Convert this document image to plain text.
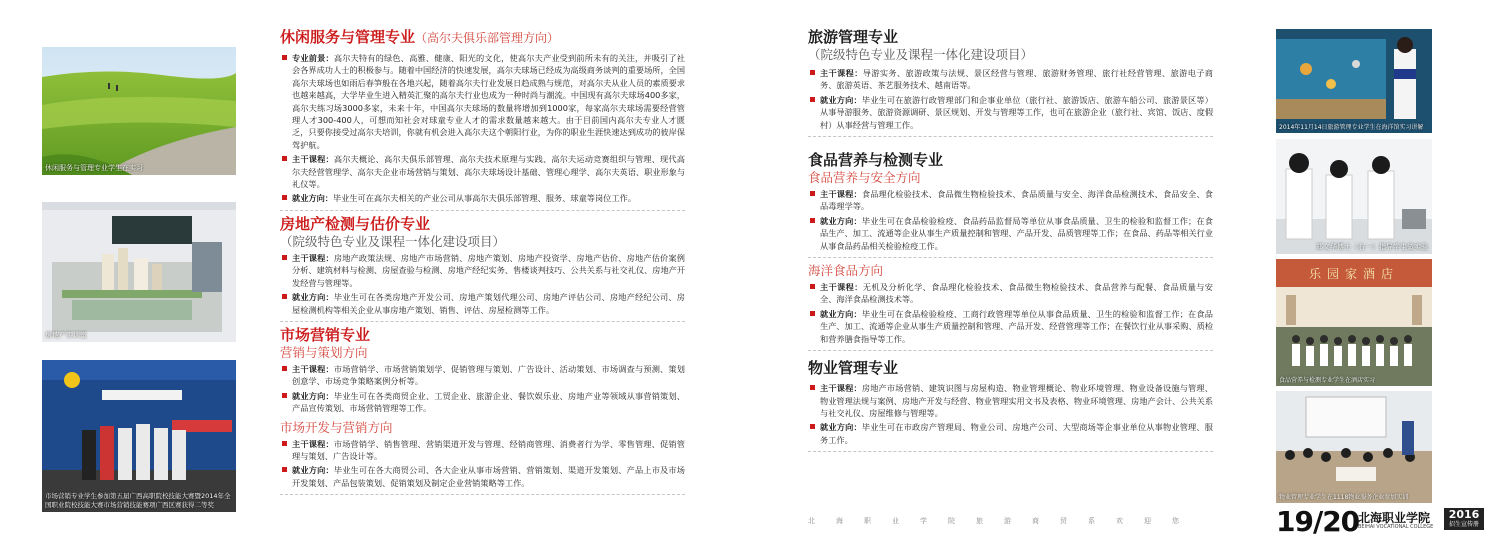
休闲服务与管理专业学生在实习
房地产实训室
市场营销专业学生参加第五届广西高职院校技能大赛暨2014年全国职业院校技能大赛市场营销技能赛项广西区赛获得二等奖
休闲服务与管理专业（高尔夫俱乐部管理方向）
专业前景：高尔夫特有的绿色、高雅、健康、阳光的文化，使高尔夫产业受到前所未有的关注，并吸引了社会各界成功人士的积极参与。随着中国经济的快速发展，高尔夫球场已经成为高级商务谈判的重要场所，全国高尔夫球场也如雨后春笋般在各地兴起，随着高尔夫行业发展日趋成熟与规范，对高尔夫从业人员的素质要求也越来越高，大学毕业生进入精英汇聚的高尔夫行业也成为一种时尚与潮流。中国现有高尔夫球场400多家，高尔夫练习场3000多家，未来十年，中国高尔夫球场的数量将增加到1000家，每家高尔夫球场需要经营管理人才300-400人，可想而知社会对球童专业人才的需求数量越来越大。由于目前国内高尔夫专业人才匮乏，只要你接受过高尔夫培训，你就有机会进入高尔夫这个朝阳行业，为你的职业生涯快速达到成功的彼岸保驾护航。
主干课程：高尔夫概论、高尔夫俱乐部管理、高尔夫技术原理与实践、高尔夫运动竞赛组织与管理、现代高尔夫经营管理学、高尔夫企业市场营销与策划、高尔夫球场设计基础、管理心理学、高尔夫英语、职业形象与礼仪等。
就业方向：毕业生可在高尔夫相关的产业公司从事高尔夫俱乐部管理、服务、球童等岗位工作。
房地产检测与估价专业
（院级特色专业及课程一体化建设项目）
主干课程：房地产政策法规、房地产市场营销、房地产策划、房地产投资学、房地产估价、房地产估价案例分析、建筑材料与检测、房屋查验与检测、房地产经纪实务、售楼谈判技巧、公共关系与社交礼仪、房地产开发经营与管理等。
就业方向：毕业生可在各类房地产开发公司、房地产策划代理公司、房地产评估公司、房地产经纪公司、房屋检测机构等相关企业从事房地产策划、销售、评估、房屋检测等工作。
市场营销专业
营销与策划方向
主干课程：市场营销学、市场营销策划学、促销管理与策划、广告设计、活动策划、市场调查与预测、策划创意学、市场竞争策略案例分析等。
就业方向：毕业生可在各类商贸企业、工贸企业、旅游企业、餐饮娱乐业、房地产业等领域从事营销策划、产品宣传策划、市场营销管理等工作。
市场开发与营销方向
主干课程：市场营销学、销售管理、营销渠道开发与管理、经销商管理、消费者行为学、零售管理、促销管理与策划、广告设计等。
就业方向：毕业生可在各大商贸公司、各大企业从事市场营销、营销策划、渠道开发策划、产品上市及市场开发策划、产品包装策划、促销策划及制定企业营销策略等工作。
旅游管理专业
（院级特色专业及课程一体化建设项目）
主干课程：导游实务、旅游政策与法规、景区经营与管理、旅游财务管理、旅行社经营管理、旅游电子商务、旅游英语、茶艺服务技术、越南语等。
就业方向：毕业生可在旅游行政管理部门和企事业单位（旅行社、旅游饭店、旅游车船公司、旅游景区等）从事导游服务、旅游资源调研、景区规划、开发与管理等工作，也可在旅游企业（旅行社、宾馆、饭店、度假村）从事经营与管理工作。
食品营养与检测专业
食品营养与安全方向
主干课程：食品理化检验技术、食品微生物检验技术、食品质量与安全、海洋食品检测技术、食品安全、食品毒理学等。
就业方向：毕业生可在食品检验检疫、食品药品监督局等单位从事食品质量、卫生的检验和监督工作；在食品生产、加工、流通等企业从事生产质量控制和管理、产品开发、品质管理等工作；在食品、药品等相关行业从事食品药品相关检验检疫工作。
海洋食品方向
主干课程：无机及分析化学、食品理化检验技术、食品微生物检验技术、食品营养与配餐、食品质量与安全、海洋食品检测技术等。
就业方向：毕业生可在食品检验检疫、工商行政管理等单位从事食品质量、卫生的检验和监督工作；在食品生产、加工、流通等企业从事生产质量控制和管理、产品开发、经营管理等工作；在餐饮行业从事采购、质检和营养膳食指导等工作。
物业管理专业
主干课程：房地产市场营销、建筑识图与房屋构造、物业管理概论、物业环境管理、物业设备设施与管理、物业管理法规与案例、房地产开发与经营、物业管理实用文书及表格、物业环境管理、房地产会计、公共关系与社交礼仪、房屋维修与管理等。
就业方向：毕业生可在市政房产管理局、物业公司、房地产公司、大型商场等企事业单位从事物业管理、服务工作。
2014年11月14日旅游管理专业学生在海洋馆实习讲解
郑文华博士（右一）指导学生做实验
乐园家酒店
食品营养与检测专业学生在酒店实习
物业管理专业学生在1118物业服务企业参加实训
北海职业学院旅游商贸系欢迎您	19/20
北海职业学院
BEIHAI VOCATIONAL COLLEGE
2016
招生宣传册
